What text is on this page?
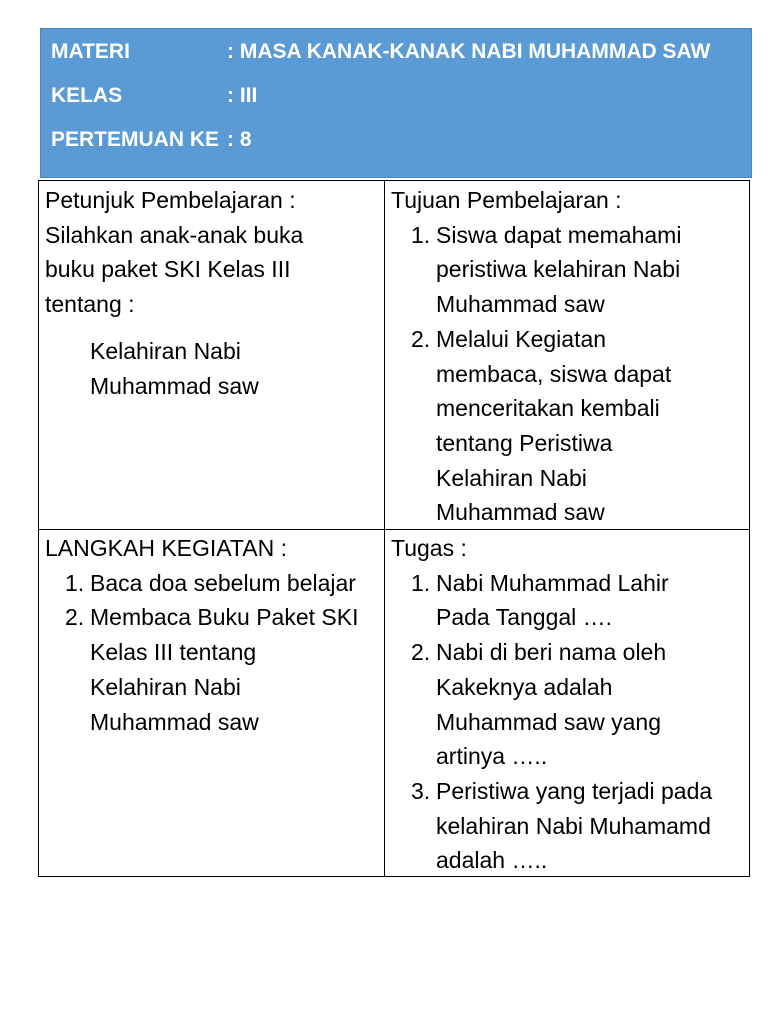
MATERI	: MASA KANAK-KANAK NABI MUHAMMAD SAW
KELAS	: III
PERTEMUAN KE : 8
Petunjuk Pembelajaran :
Silahkan anak-anak buka
buku paket SKI Kelas III
tentang :
Kelahiran Nabi
Muhammad saw
Tujuan Pembelajaran :
1. Siswa dapat memahami
peristiwa kelahiran Nabi
Muhammad saw
2. Melalui Kegiatan
membaca, siswa dapat
menceritakan kembali
tentang Peristiwa
Kelahiran Nabi
Muhammad saw
LANGKAH KEGIATAN :
1. Baca doa sebelum belajar
2. Membaca Buku Paket SKI
Kelas III tentang
Kelahiran Nabi
Muhammad saw
Tugas :
1. Nabi Muhammad Lahir
Pada Tanggal ….
2. Nabi di beri nama oleh
Kakeknya adalah
Muhammad saw yang
artinya …..
3. Peristiwa yang terjadi pada
kelahiran Nabi Muhamamd
adalah …..
